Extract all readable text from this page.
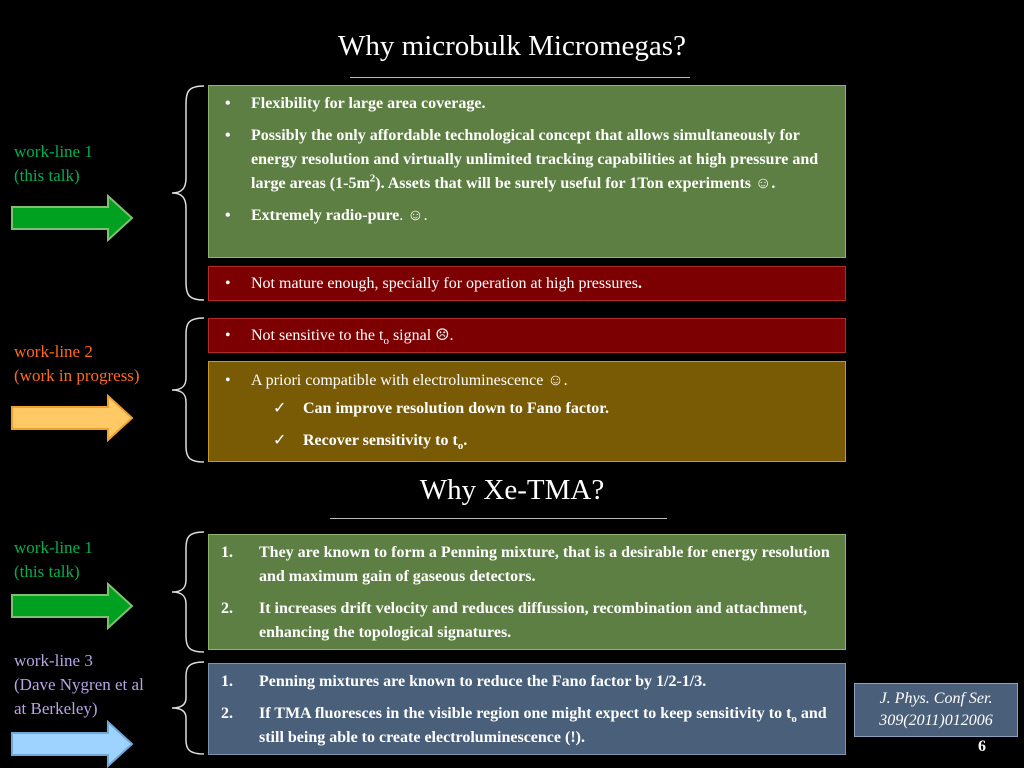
Why microbulk Micromegas?
Why Xe-TMA?
work-line 1
(this talk)
work-line 2
(work in progress)
work-line 1
(this talk)
work-line 3
(Dave Nygren et al
at Berkeley)
• Flexibility for large area coverage.
• Possibly the only affordable technological concept that allows simultaneously for energy resolution and virtually unlimited tracking capabilities at high pressure and large areas $(1-5m^2)$. Assets that will be surely useful for 1Ton experiments ☺.
• Extremely radio-pure. ☺.
• Not mature enough, specially for operation at high pressures.
• Not sensitive to the $t_o$ signal ☹.
• A priori compatible with electroluminescence ☺.
✓ Can improve resolution down to Fano factor.
✓ Recover sensitivity to $t_o$.
1. They are known to form a Penning mixture, that is a desirable for energy resolution and maximum gain of gaseous detectors.
2. It increases drift velocity and reduces diffussion, recombination and attachment, enhancing the topological signatures.
1. Penning mixtures are known to reduce the Fano factor by 1/2-1/3.
2. If TMA fluoresces in the visible region one might expect to keep sensitivity to $t_o$ and still being able to create electroluminescence (!).
J. Phys. Conf Ser.
309(2011)012006
6
